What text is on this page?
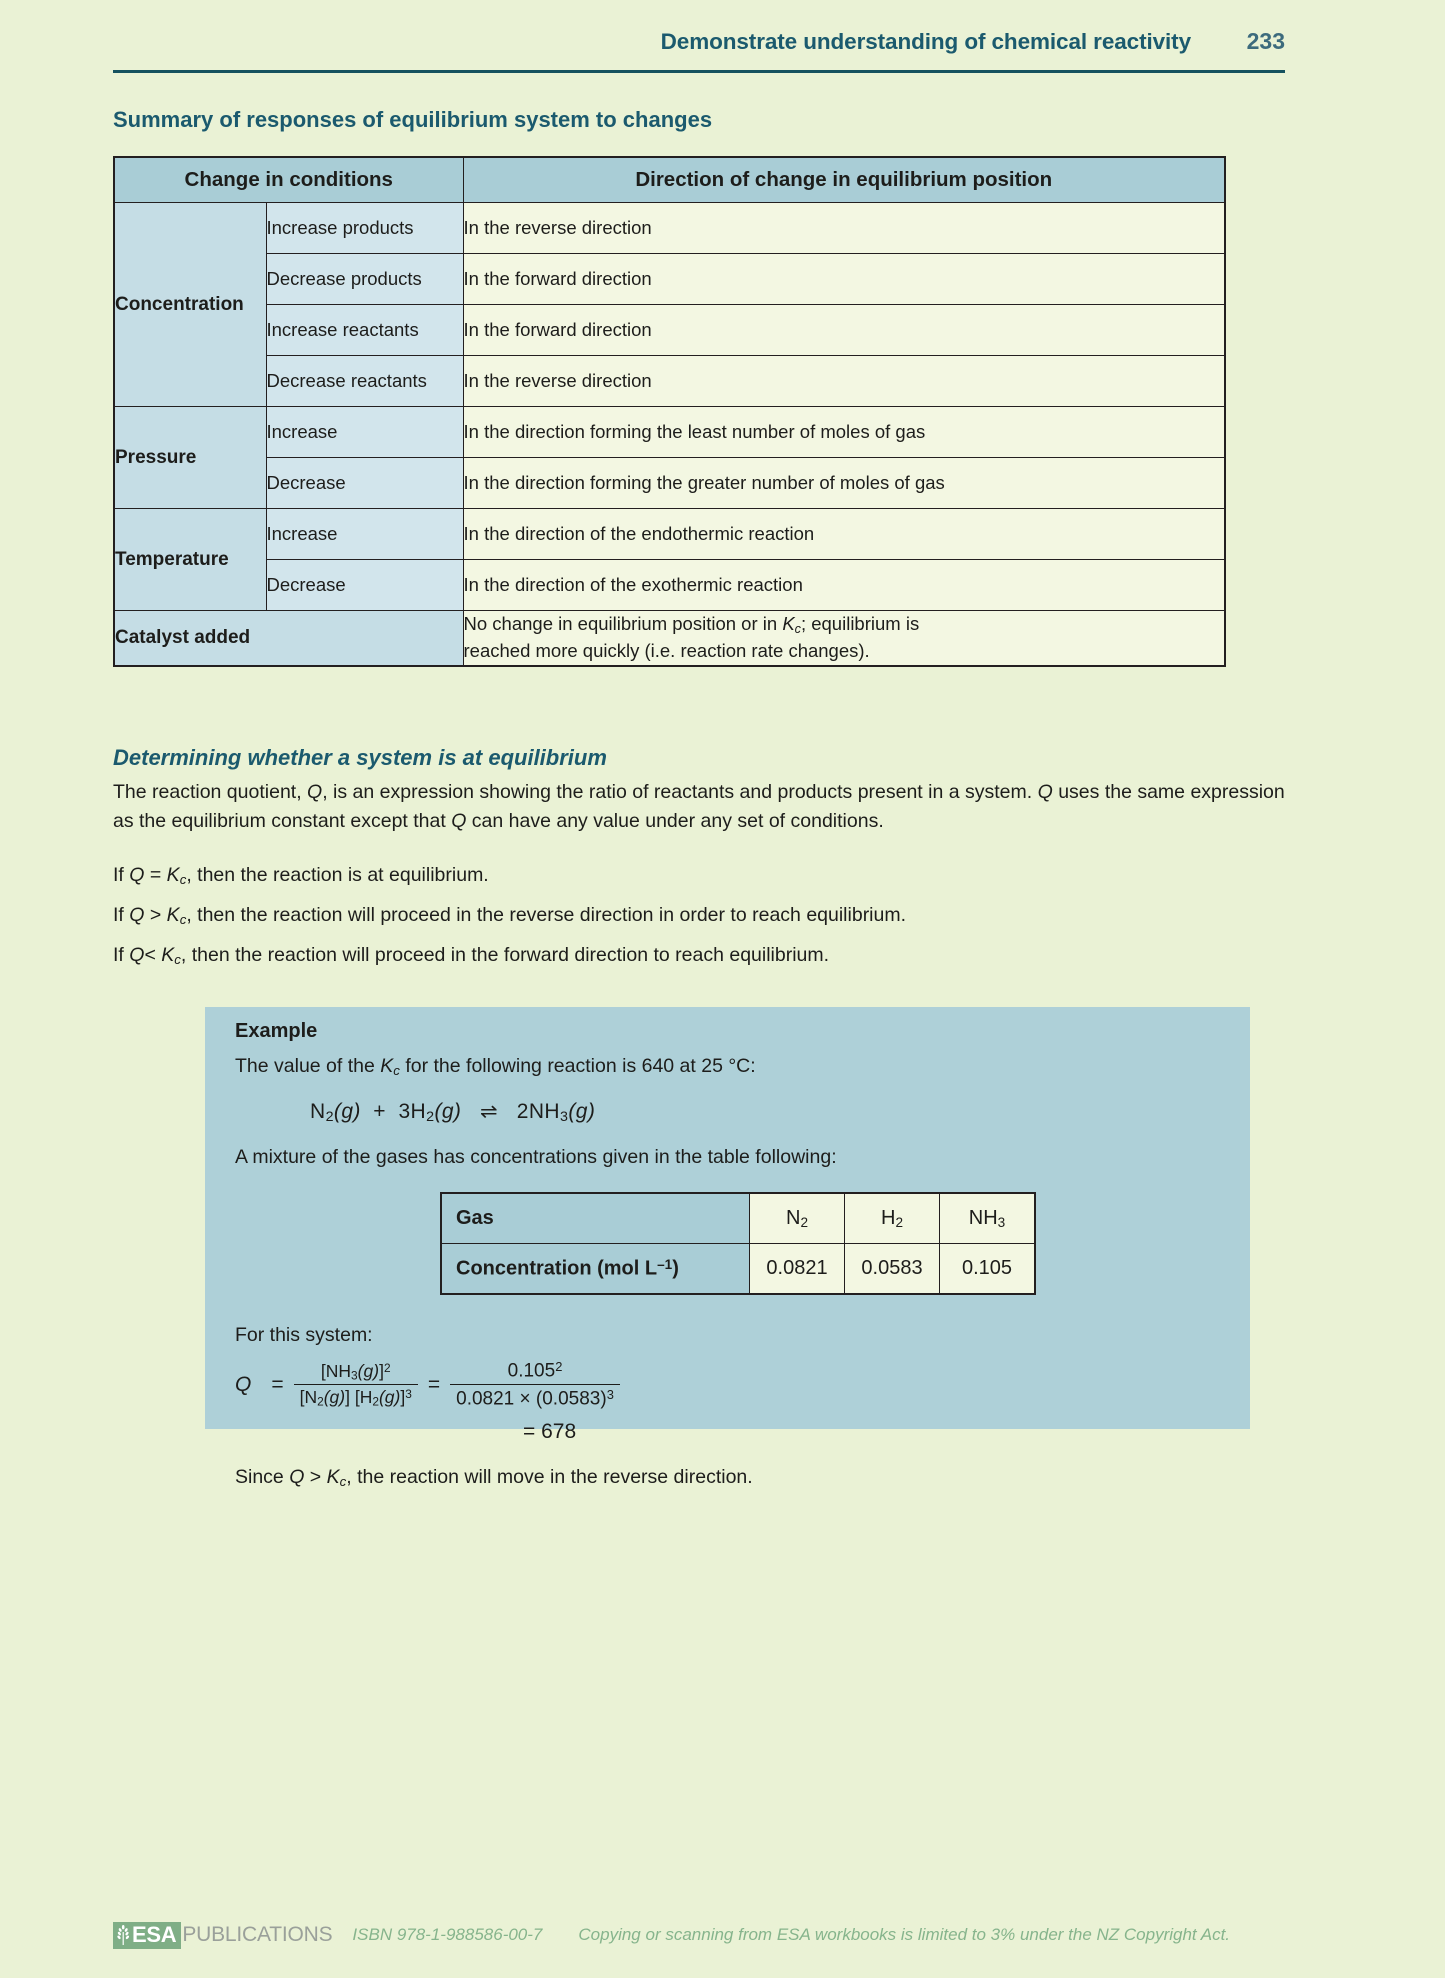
Demonstrate understanding of chemical reactivity 233
Summary of responses of equilibrium system to changes
Change in conditions		Direction of change in equilibrium position
Concentration	Increase products	In the reverse direction
	Decrease products	In the forward direction
	Increase reactants	In the forward direction
	Decrease reactants	In the reverse direction
Pressure	Increase	In the direction forming the least number of moles of gas
	Decrease	In the direction forming the greater number of moles of gas
Temperature	Increase	In the direction of the endothermic reaction
	Decrease	In the direction of the exothermic reaction
Catalyst added		No change in equilibrium position or in $K_c$; equilibrium is
reached more quickly (i.e. reaction rate changes).
Determining whether a system is at equilibrium
The reaction quotient, Q, is an expression showing the ratio of reactants and products present in a system. Q uses the same expression as the equilibrium constant except that Q can have any value under any set of conditions.
If $Q = K_c$, then the reaction is at equilibrium.
If $Q > K_c$, then the reaction will proceed in the reverse direction in order to reach equilibrium.
If $Q< K_c$, then the reaction will proceed in the forward direction to reach equilibrium.
Example
The value of the $K_c$ for the following reaction is 640 at 25 °C:
$N_2(g) + 3H_2(g)$ ⇌ $2NH_3(g)$
A mixture of the gases has concentrations given in the table following:
Gas	$N_2$	$H_2$	$NH_3$
Concentration (mol $L^{-1}$)	0.0821	0.0583	0.105
For this system:
$Q = \frac{[NH_3(g)]^2}{[N_2(g)] [H_2(g)]^3} = \frac{0.105^2}{0.0821 \times (0.0583)^3}$
= 678
Since $Q > K_c$, the reaction will move in the reverse direction.
ESA PUBLICATIONS ISBN 978-1-988586-00-7 Copying or scanning from ESA workbooks is limited to 3% under the NZ Copyright Act.
